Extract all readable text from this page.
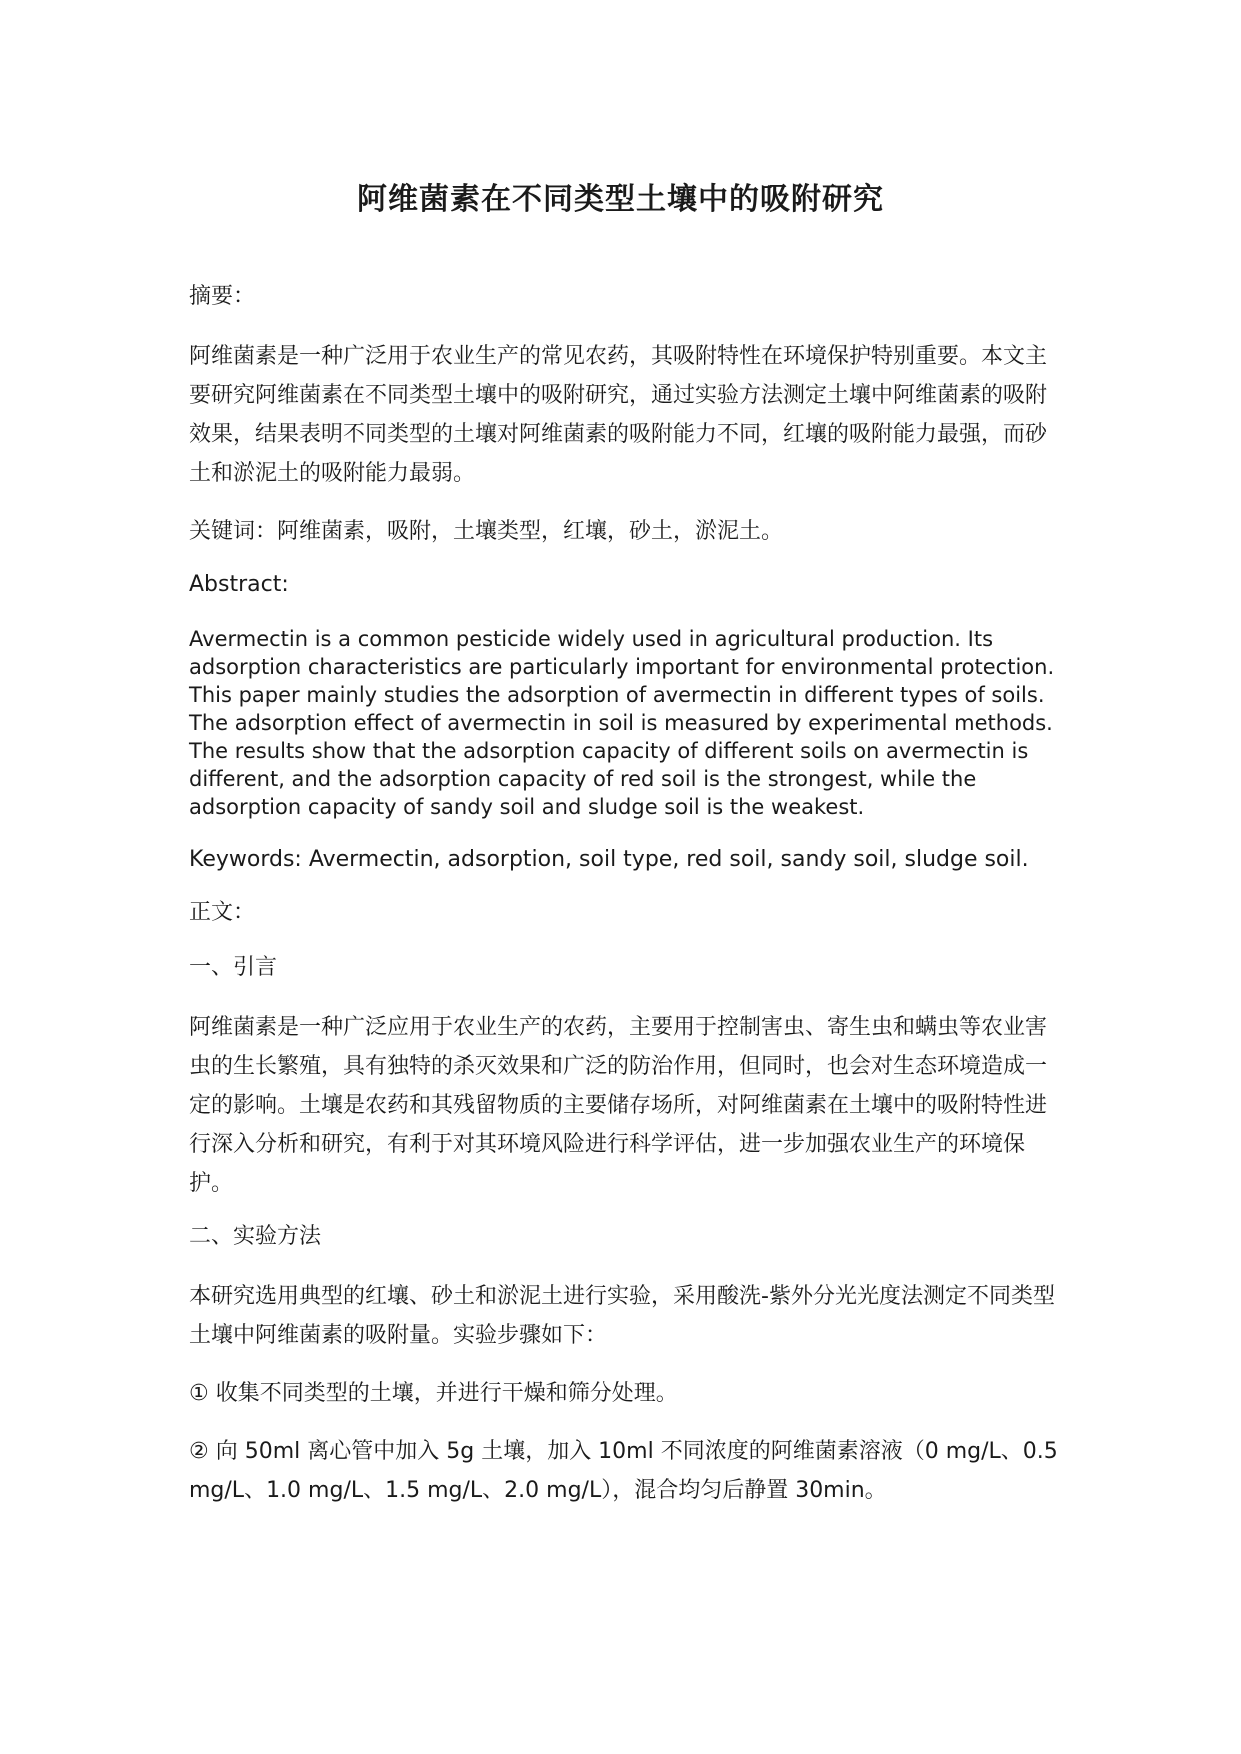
阿维菌素在不同类型土壤中的吸附研究

摘要：

阿维菌素是一种广泛用于农业生产的常见农药，其吸附特性在环境保护特别重要。本文主要研究阿维菌素在不同类型土壤中的吸附研究，通过实验方法测定土壤中阿维菌素的吸附效果，结果表明不同类型的土壤对阿维菌素的吸附能力不同，红壤的吸附能力最强，而砂土和淤泥土的吸附能力最弱。

关键词：阿维菌素，吸附，土壤类型，红壤，砂土，淤泥土。

Abstract:

Avermectin is a common pesticide widely used in agricultural production. Its adsorption characteristics are particularly important for environmental protection. This paper mainly studies the adsorption of avermectin in different types of soils. The adsorption effect of avermectin in soil is measured by experimental methods. The results show that the adsorption capacity of different soils on avermectin is different, and the adsorption capacity of red soil is the strongest, while the adsorption capacity of sandy soil and sludge soil is the weakest.

Keywords: Avermectin, adsorption, soil type, red soil, sandy soil, sludge soil.

正文：

一、引言

阿维菌素是一种广泛应用于农业生产的农药，主要用于控制害虫、寄生虫和螨虫等农业害虫的生长繁殖，具有独特的杀灭效果和广泛的防治作用，但同时，也会对生态环境造成一定的影响。土壤是农药和其残留物质的主要储存场所，对阿维菌素在土壤中的吸附特性进行深入分析和研究，有利于对其环境风险进行科学评估，进一步加强农业生产的环境保护。

二、实验方法

本研究选用典型的红壤、砂土和淤泥土进行实验，采用酸洗-紫外分光光度法测定不同类型土壤中阿维菌素的吸附量。实验步骤如下：

① 收集不同类型的土壤，并进行干燥和筛分处理。

② 向 50ml 离心管中加入 5g 土壤，加入 10ml 不同浓度的阿维菌素溶液（0 mg/L、0.5 mg/L、1.0 mg/L、1.5 mg/L、2.0 mg/L），混合均匀后静置 30min。
